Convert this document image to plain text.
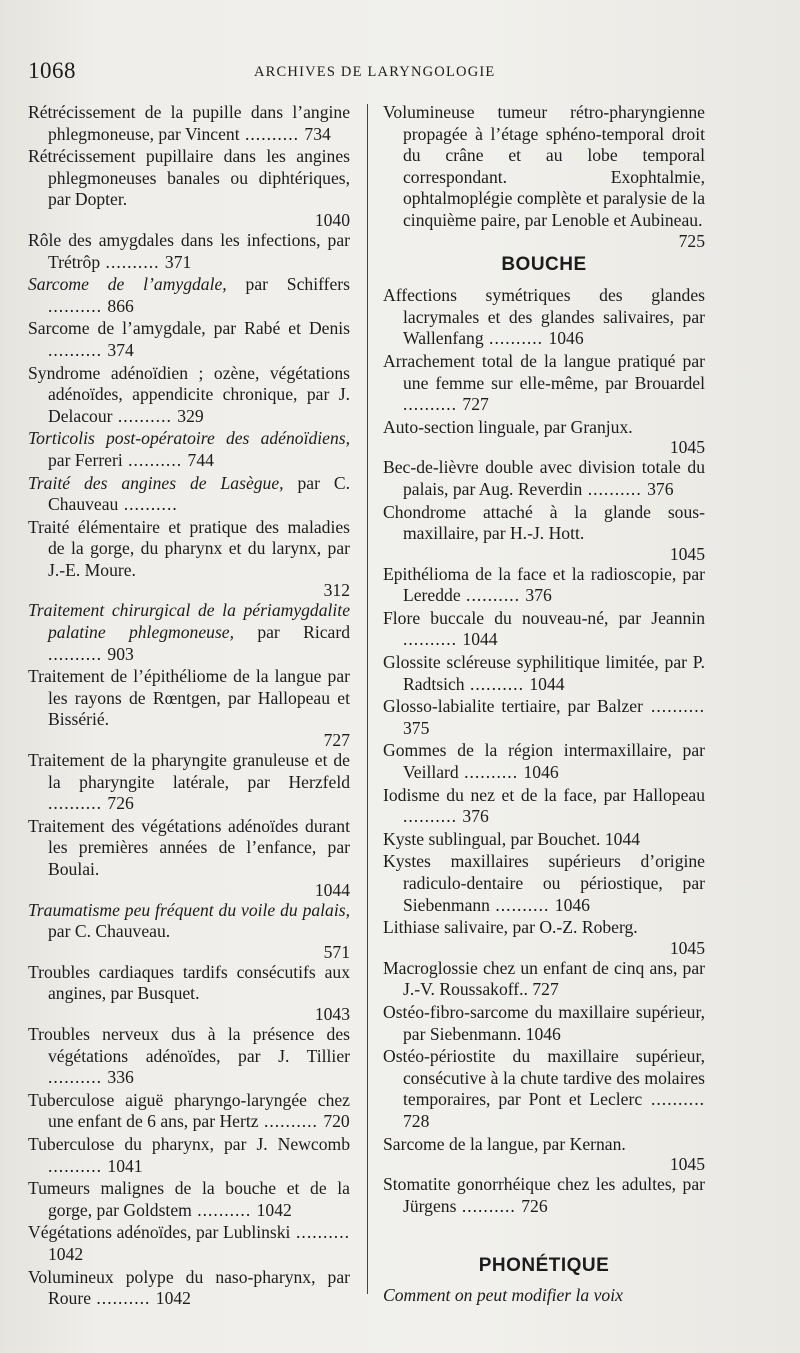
1068	ARCHIVES DE LARYNGOLOGIE
Rétrécissement de la pupille dans l’angine phlegmoneuse, par Vincent .......... 734
Rétrécissement pupillaire dans les angines phlegmoneuses banales ou diphtériques, par Dopter.
1040
Rôle des amygdales dans les infections, par Trétrôp .......... 371
Sarcome de l’amygdale, par Schiffers .......... 866
Sarcome de l’amygdale, par Rabé et Denis .......... 374
Syndrome adénoïdien ; ozène, végétations adénoïdes, appendicite chronique, par J. Delacour .......... 329
Torticolis post-opératoire des adénoïdiens, par Ferreri .......... 744
Traité des angines de Lasègue, par C. Chauveau ..........
Traité élémentaire et pratique des maladies de la gorge, du pharynx et du larynx, par J.-E. Moure.
312
Traitement chirurgical de la périamygdalite palatine phlegmoneuse, par Ricard .......... 903
Traitement de l’épithéliome de la langue par les rayons de Rœntgen, par Hallopeau et Bissérié.
727
Traitement de la pharyngite granuleuse et de la pharyngite latérale, par Herzfeld .......... 726
Traitement des végétations adénoïdes durant les premières années de l’enfance, par Boulai.
1044
Traumatisme peu fréquent du voile du palais, par C. Chauveau.
571
Troubles cardiaques tardifs consécutifs aux angines, par Busquet.
1043
Troubles nerveux dus à la présence des végétations adénoïdes, par J. Tillier .......... 336
Tuberculose aiguë pharyngo-laryngée chez une enfant de 6 ans, par Hertz .......... 720
Tuberculose du pharynx, par J. Newcomb .......... 1041
Tumeurs malignes de la bouche et de la gorge, par Goldstem .......... 1042
Végétations adénoïdes, par Lublinski .......... 1042
Volumineux polype du naso-pharynx, par Roure .......... 1042
Volumineuse tumeur rétro-pharyngienne propagée à l’étage sphéno-temporal droit du crâne et au lobe temporal correspondant. Exophtalmie, ophtalmoplégie complète et paralysie de la cinquième paire, par Lenoble et Aubineau.
725
BOUCHE
Affections symétriques des glandes lacrymales et des glandes salivaires, par Wallenfang .......... 1046
Arrachement total de la langue pratiqué par une femme sur elle-même, par Brouardel .......... 727
Auto-section linguale, par Granjux.
1045
Bec-de-lièvre double avec division totale du palais, par Aug. Reverdin .......... 376
Chondrome attaché à la glande sous-maxillaire, par H.-J. Hott.
1045
Epithélioma de la face et la radioscopie, par Leredde .......... 376
Flore buccale du nouveau-né, par Jeannin .......... 1044
Glossite scléreuse syphilitique limitée, par P. Radtsich .......... 1044
Glosso-labialite tertiaire, par Balzer .......... 375
Gommes de la région intermaxillaire, par Veillard .......... 1046
Iodisme du nez et de la face, par Hallopeau .......... 376
Kyste sublingual, par Bouchet. 1044
Kystes maxillaires supérieurs d’origine radiculo-dentaire ou périostique, par Siebenmann .......... 1046
Lithiase salivaire, par O.-Z. Roberg.
1045
Macroglossie chez un enfant de cinq ans, par J.-V. Roussakoff.. 727
Ostéo-fibro-sarcome du maxillaire supérieur, par Siebenmann. 1046
Ostéo-périostite du maxillaire supérieur, consécutive à la chute tardive des molaires temporaires, par Pont et Leclerc .......... 728
Sarcome de la langue, par Kernan.
1045
Stomatite gonorrhéique chez les adultes, par Jürgens .......... 726
PHONÉTIQUE
Comment on peut modifier la voix
